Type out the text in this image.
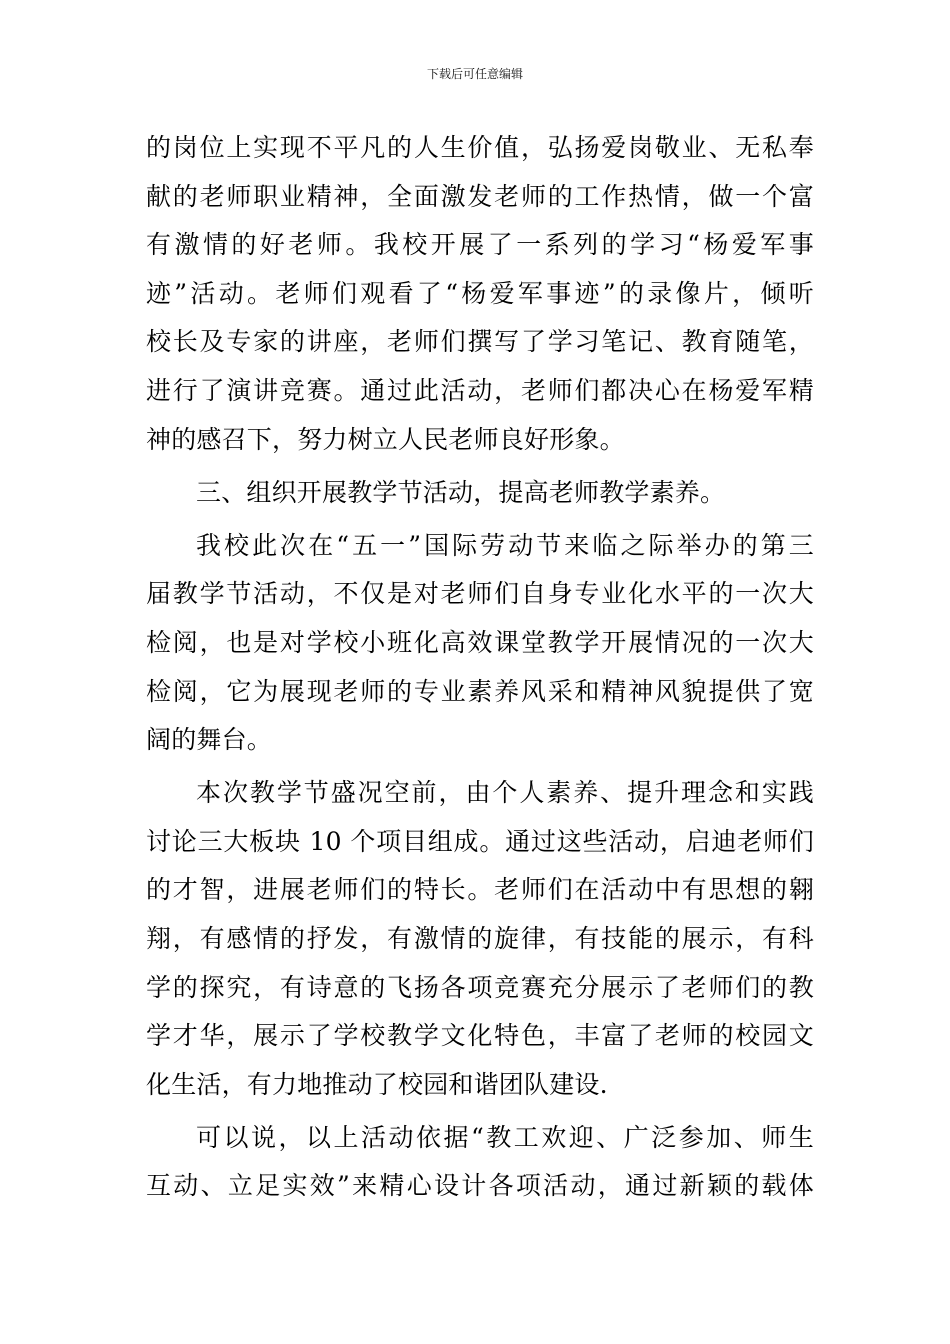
下载后可任意编辑
的岗位上实现不平凡的人生价值，弘扬爱岗敬业、无私奉
献的老师职业精神，全面激发老师的工作热情，做一个富
有激情的好老师。我校开展了一系列的学习“杨爱军事
迹”活动。老师们观看了“杨爱军事迹”的录像片，倾听
校长及专家的讲座，老师们撰写了学习笔记、教育随笔，
进行了演讲竞赛。通过此活动，老师们都决心在杨爱军精
神的感召下，努力树立人民老师良好形象。
三、组织开展教学节活动，提高老师教学素养。
我校此次在“五一”国际劳动节来临之际举办的第三
届教学节活动，不仅是对老师们自身专业化水平的一次大
检阅，也是对学校小班化高效课堂教学开展情况的一次大
检阅，它为展现老师的专业素养风采和精神风貌提供了宽
阔的舞台。
本次教学节盛况空前，由个人素养、提升理念和实践
讨论三大板块 10 个项目组成。通过这些活动，启迪老师们
的才智，进展老师们的特长。老师们在活动中有思想的翱
翔，有感情的抒发，有激情的旋律，有技能的展示，有科
学的探究，有诗意的飞扬各项竞赛充分展示了老师们的教
学才华，展示了学校教学文化特色，丰富了老师的校园文
化生活，有力地推动了校园和谐团队建设.
可以说，以上活动依据“教工欢迎、广泛参加、师生
互动、立足实效”来精心设计各项活动，通过新颖的载体
